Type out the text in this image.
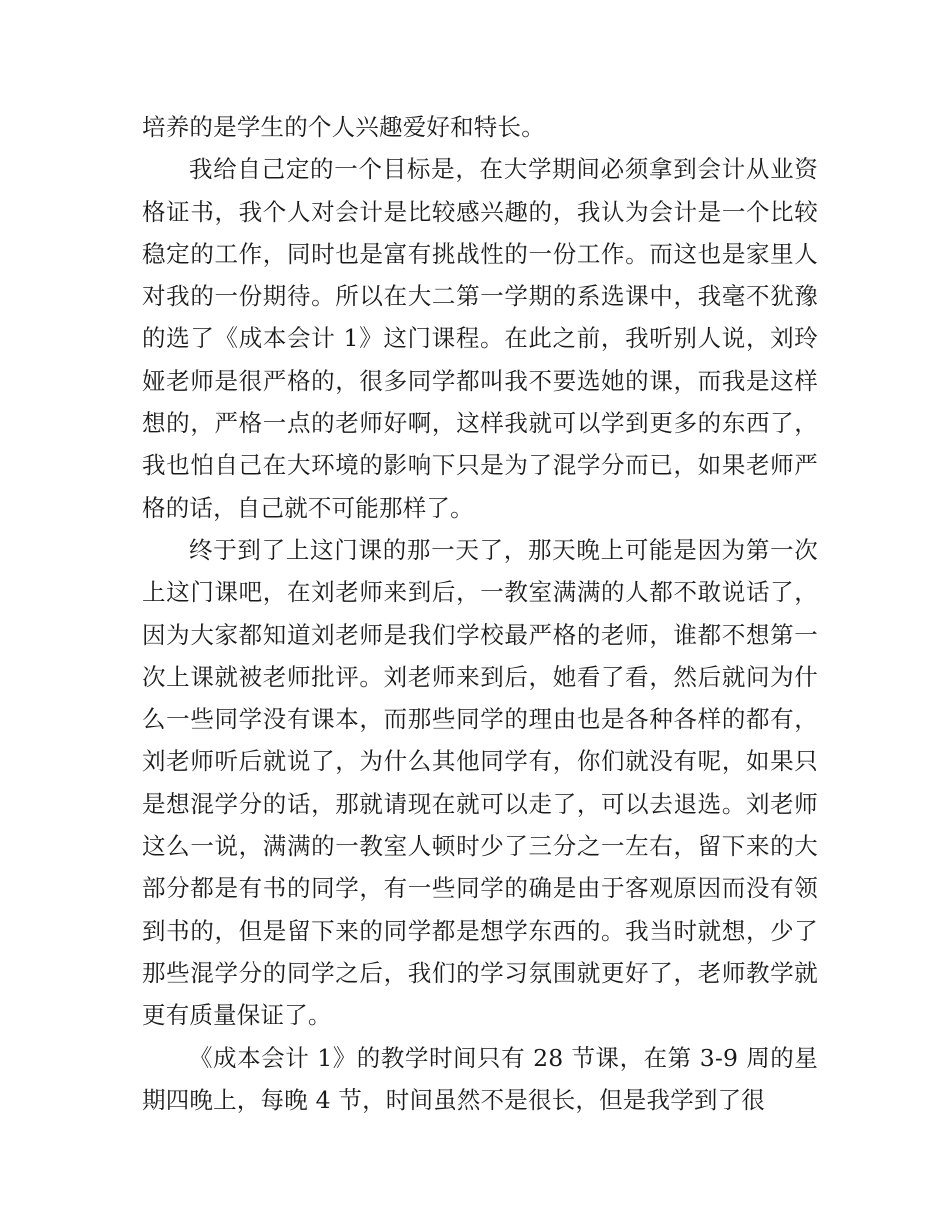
培养的是学生的个人兴趣爱好和特长。

我给自己定的一个目标是，在大学期间必须拿到会计从业资格证书，我个人对会计是比较感兴趣的，我认为会计是一个比较稳定的工作，同时也是富有挑战性的一份工作。而这也是家里人对我的一份期待。所以在大二第一学期的系选课中，我毫不犹豫的选了《成本会计 1》这门课程。在此之前，我听别人说，刘玲娅老师是很严格的，很多同学都叫我不要选她的课，而我是这样想的，严格一点的老师好啊，这样我就可以学到更多的东西了，我也怕自己在大环境的影响下只是为了混学分而已，如果老师严格的话，自己就不可能那样了。

终于到了上这门课的那一天了，那天晚上可能是因为第一次上这门课吧，在刘老师来到后，一教室满满的人都不敢说话了，因为大家都知道刘老师是我们学校最严格的老师，谁都不想第一次上课就被老师批评。刘老师来到后，她看了看，然后就问为什么一些同学没有课本，而那些同学的理由也是各种各样的都有，刘老师听后就说了，为什么其他同学有，你们就没有呢，如果只是想混学分的话，那就请现在就可以走了，可以去退选。刘老师这么一说，满满的一教室人顿时少了三分之一左右，留下来的大部分都是有书的同学，有一些同学的确是由于客观原因而没有领到书的，但是留下来的同学都是想学东西的。我当时就想，少了那些混学分的同学之后，我们的学习氛围就更好了，老师教学就更有质量保证了。

《成本会计 1》的教学时间只有 28 节课，在第 3-9 周的星期四晚上，每晚 4 节，时间虽然不是很长，但是我学到了很
